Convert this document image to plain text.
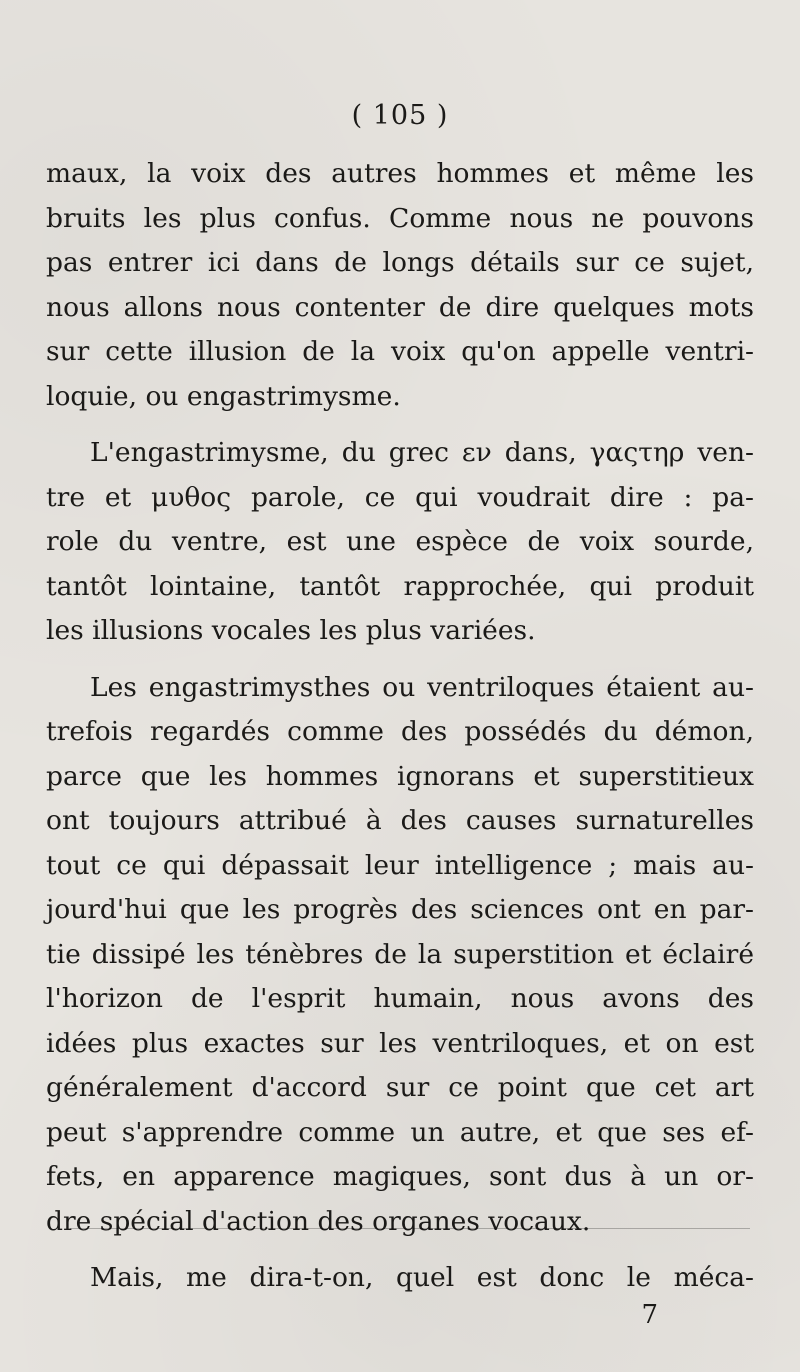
( 105 )
maux, la voix des autres hommes et même les
bruits les plus confus. Comme nous ne pouvons
pas entrer ici dans de longs détails sur ce sujet,
nous allons nous contenter de dire quelques mots
sur cette illusion de la voix qu'on appelle ventri-
loquie, ou engastrimysme.
L'engastrimysme, du grec εν dans, γαςτηρ ven-
tre et μυθος parole, ce qui voudrait dire : pa-
role du ventre, est une espèce de voix sourde,
tantôt lointaine, tantôt rapprochée, qui produit
les illusions vocales les plus variées.
Les engastrimysthes ou ventriloques étaient au-
trefois regardés comme des possédés du démon,
parce que les hommes ignorans et superstitieux
ont toujours attribué à des causes surnaturelles
tout ce qui dépassait leur intelligence ; mais au-
jourd'hui que les progrès des sciences ont en par-
tie dissipé les ténèbres de la superstition et éclairé
l'horizon de l'esprit humain, nous avons des
idées plus exactes sur les ventriloques, et on est
généralement d'accord sur ce point que cet art
peut s'apprendre comme un autre, et que ses ef-
fets, en apparence magiques, sont dus à un or-
dre spécial d'action des organes vocaux.
Mais, me dira-t-on, quel est donc le méca-
7
